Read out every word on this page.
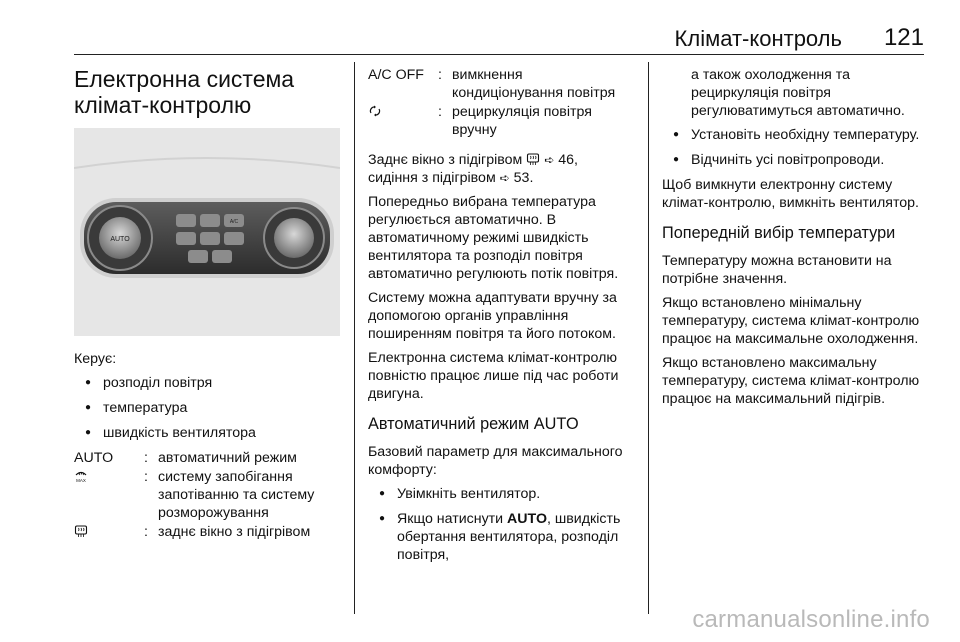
Клімат-контроль 121
Електронна система
клімат-контролю
AUTO
A/C

Керує:

● розподіл повітря
● температура
● швидкість вентилятора
AUTO	: автоматичний режим
MAX	: систему запобігання запотіванню та систему розморожування
: заднє вікно з підігрівом
A/C OFF : вимкнення кондиціонування повітря
: рециркуляція повітря вручну

Заднє вікно з підігрівом ➪ 46,
сидіння з підігрівом ➪ 53.

Попередньо вибрана температура регулюється автоматично. В автоматичному режимі швидкість вентилятора та розподіл повітря автоматично регулюють потік повітря.

Систему можна адаптувати вручну за допомогою органів управління поширенням повітря та його потоком.

Електронна система клімат-контролю повністю працює лише під час роботи двигуна.

Автоматичний режим AUTO

Базовий параметр для максимального комфорту:

● Увімкніть вентилятор.
● Якщо натиснути AUTO, швидкість обертання вентилятора, розподіл повітря,

а також охолодження та рециркуляція повітря регулюватимуться автоматично.

● Установіть необхідну температуру.
● Відчиніть усі повітропроводи.

Щоб вимкнути електронну систему клімат-контролю, вимкніть вентилятор.

Попередній вибір температури

Температуру можна встановити на потрібне значення.

Якщо встановлено мінімальну температуру, система клімат-контролю працює на максимальне охолодження.

Якщо встановлено максимальну температуру, система клімат-контролю працює на максимальний підігрів.

carmanualsonline.info
